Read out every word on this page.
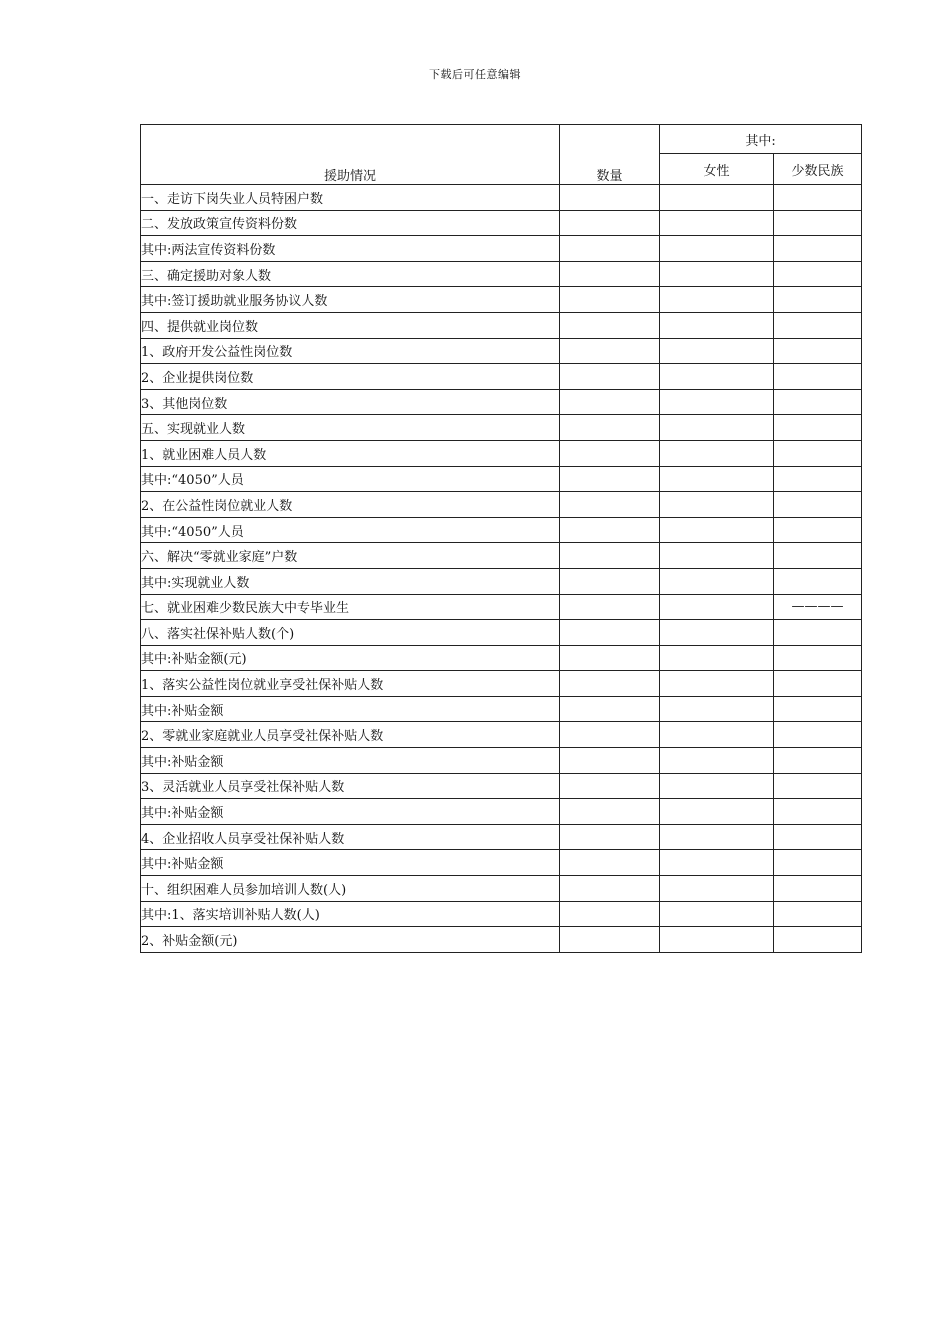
下载后可任意编辑
援助情况	数量	其中:	
		女性	少数民族
一、走访下岗失业人员特困户数			
二、发放政策宣传资料份数			
其中:两法宣传资料份数			
三、确定援助对象人数			
其中:签订援助就业服务协议人数			
四、提供就业岗位数			
1、政府开发公益性岗位数			
2、企业提供岗位数			
3、其他岗位数			
五、实现就业人数			
1、就业困难人员人数			
其中:“4050”人员			
2、在公益性岗位就业人数			
其中:“4050”人员			
六、解决“零就业家庭”户数			
其中:实现就业人数			
七、就业困难少数民族大中专毕业生			————
八、落实社保补贴人数(个)			
其中:补贴金额(元)			
1、落实公益性岗位就业享受社保补贴人数			
其中:补贴金额			
2、零就业家庭就业人员享受社保补贴人数			
其中:补贴金额			
3、灵活就业人员享受社保补贴人数			
其中:补贴金额			
4、企业招收人员享受社保补贴人数			
其中:补贴金额			
十、组织困难人员参加培训人数(人)			
其中:1、落实培训补贴人数(人)			
2、补贴金额(元)			
